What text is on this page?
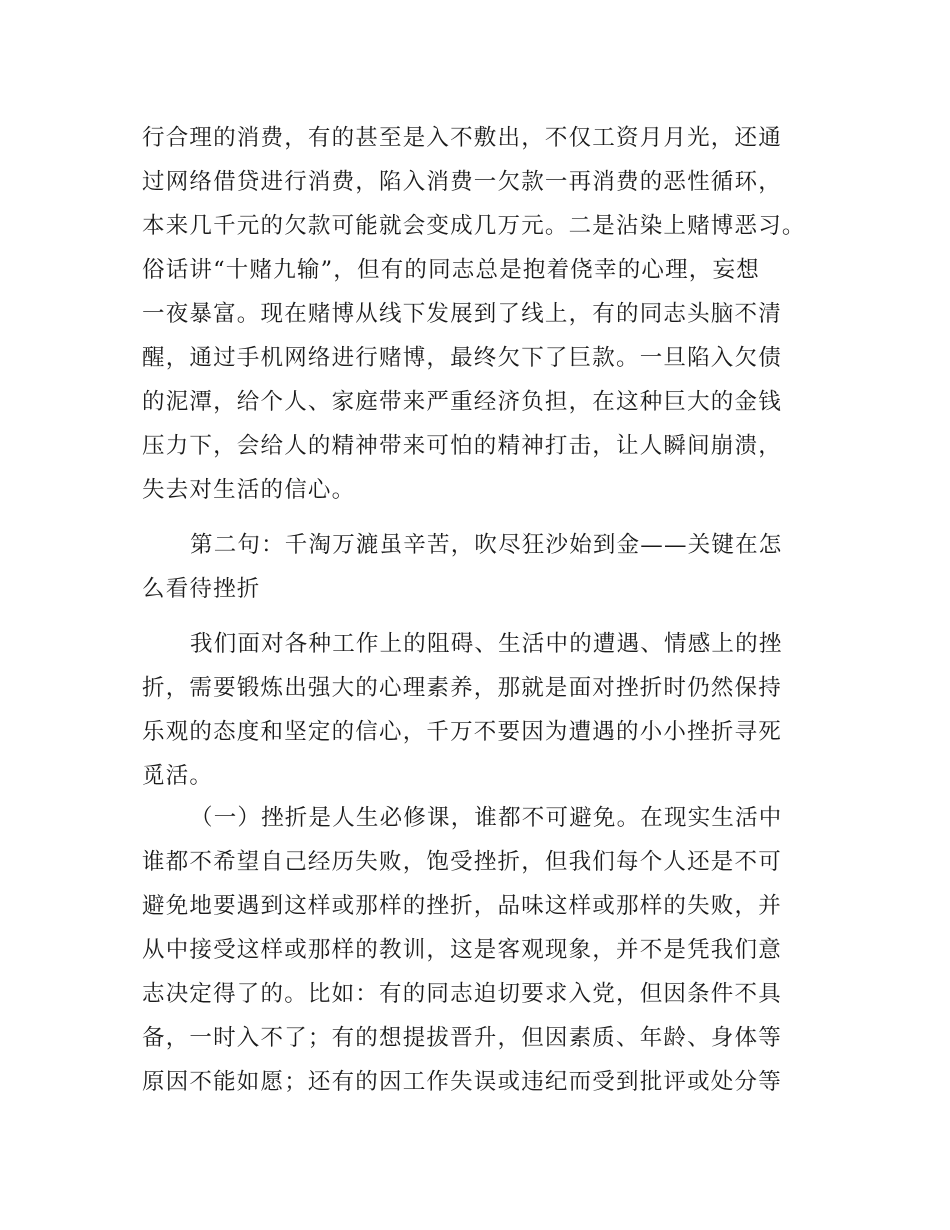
行合理的消费，有的甚至是入不敷出，不仅工资月月光，还通

过网络借贷进行消费，陷入消费一欠款一再消费的恶性循环，

本来几千元的欠款可能就会变成几万元。二是沾染上赌博恶习。

俗话讲“十赌九输”，但有的同志总是抱着侥幸的心理，妄想

一夜暴富。现在赌博从线下发展到了线上，有的同志头脑不清

醒，通过手机网络进行赌博，最终欠下了巨款。一旦陷入欠债

的泥潭，给个人、家庭带来严重经济负担，在这种巨大的金钱

压力下，会给人的精神带来可怕的精神打击，让人瞬间崩溃，

失去对生活的信心。

第二句：千淘万漉虽辛苦，吹尽狂沙始到金——关键在怎

么看待挫折

我们面对各种工作上的阻碍、生活中的遭遇、情感上的挫

折，需要锻炼出强大的心理素养，那就是面对挫折时仍然保持

乐观的态度和坚定的信心，千万不要因为遭遇的小小挫折寻死

觅活。

（一）挫折是人生必修课，谁都不可避免。在现实生活中

谁都不希望自己经历失败，饱受挫折，但我们每个人还是不可

避免地要遇到这样或那样的挫折，品味这样或那样的失败，并

从中接受这样或那样的教训，这是客观现象，并不是凭我们意

志决定得了的。比如：有的同志迫切要求入党，但因条件不具

备，一时入不了；有的想提拔晋升，但因素质、年龄、身体等

原因不能如愿；还有的因工作失误或违纪而受到批评或处分等
